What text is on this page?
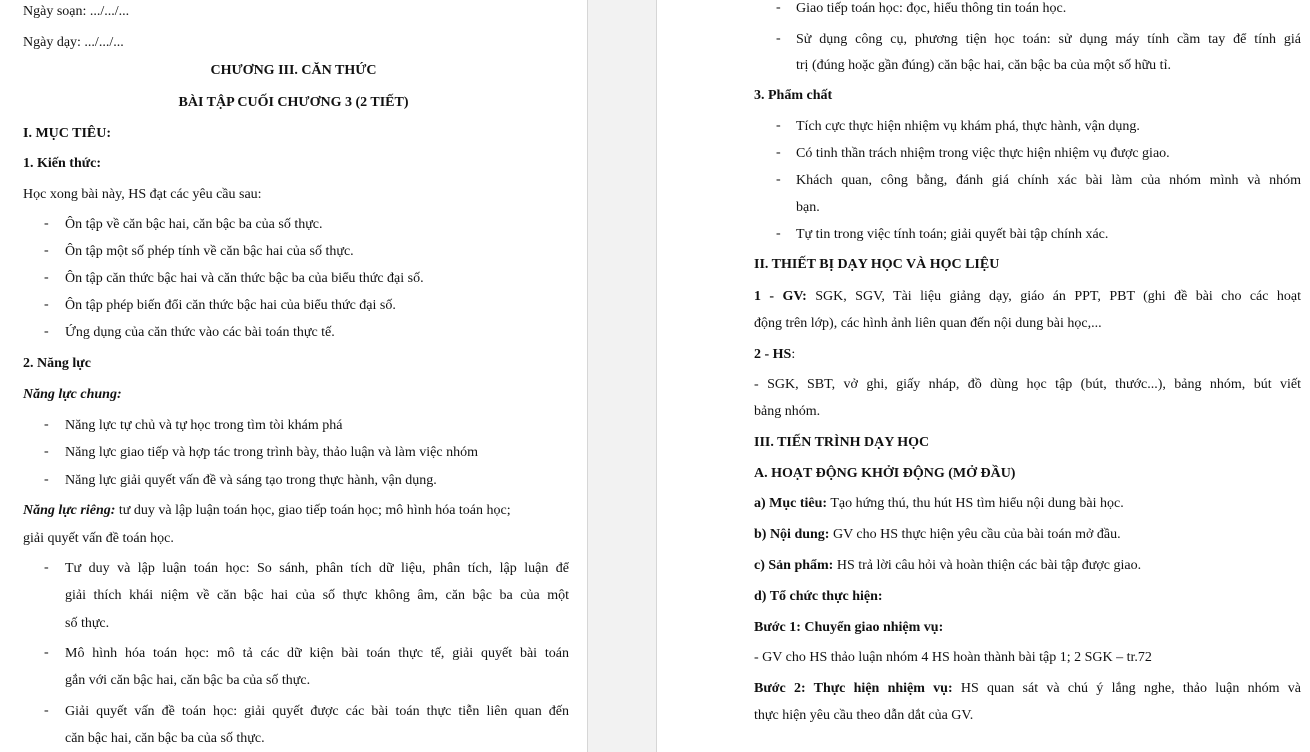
Ngày soạn: .../.../...
Ngày dạy: .../.../...
CHƯƠNG III. CĂN THỨC
BÀI TẬP CUỐI CHƯƠNG 3 (2 TIẾT)
I. MỤC TIÊU:
1. Kiến thức:
Học xong bài này, HS đạt các yêu cầu sau:
- Ôn tập về căn bậc hai, căn bậc ba của số thực.
- Ôn tập một số phép tính về căn bậc hai của số thực.
- Ôn tập căn thức bậc hai và căn thức bậc ba của biểu thức đại số.
- Ôn tập phép biến đổi căn thức bậc hai của biểu thức đại số.
- Ứng dụng của căn thức vào các bài toán thực tế.
2. Năng lực
Năng lực chung:
- Năng lực tự chủ và tự học trong tìm tòi khám phá
- Năng lực giao tiếp và hợp tác trong trình bày, thảo luận và làm việc nhóm
- Năng lực giải quyết vấn đề và sáng tạo trong thực hành, vận dụng.
Năng lực riêng: tư duy và lập luận toán học, giao tiếp toán học; mô hình hóa toán học;
giải quyết vấn đề toán học.
- Tư duy và lập luận toán học: So sánh, phân tích dữ liệu, phân tích, lập luận để
giải thích khái niệm về căn bậc hai của số thực không âm, căn bậc ba của một
số thực.
- Mô hình hóa toán học: mô tả các dữ kiện bài toán thực tế, giải quyết bài toán
gắn với căn bậc hai, căn bậc ba của số thực.
- Giải quyết vấn đề toán học: giải quyết được các bài toán thực tiễn liên quan đến
căn bậc hai, căn bậc ba của số thực.
- Giao tiếp toán học: đọc, hiểu thông tin toán học.
- Sử dụng công cụ, phương tiện học toán: sử dụng máy tính cầm tay để tính giá
trị (đúng hoặc gần đúng) căn bậc hai, căn bậc ba của một số hữu tỉ.
3. Phẩm chất
- Tích cực thực hiện nhiệm vụ khám phá, thực hành, vận dụng.
- Có tinh thần trách nhiệm trong việc thực hiện nhiệm vụ được giao.
- Khách quan, công bằng, đánh giá chính xác bài làm của nhóm mình và nhóm
bạn.
- Tự tin trong việc tính toán; giải quyết bài tập chính xác.
II. THIẾT BỊ DẠY HỌC VÀ HỌC LIỆU
1 - GV: SGK, SGV, Tài liệu giảng dạy, giáo án PPT, PBT (ghi đề bài cho các hoạt
động trên lớp), các hình ảnh liên quan đến nội dung bài học,...
2 - HS:
- SGK, SBT, vở ghi, giấy nháp, đồ dùng học tập (bút, thước...), bảng nhóm, bút viết
bảng nhóm.
III. TIẾN TRÌNH DẠY HỌC
A. HOẠT ĐỘNG KHỞI ĐỘNG (MỞ ĐẦU)
a) Mục tiêu: Tạo hứng thú, thu hút HS tìm hiểu nội dung bài học.
b) Nội dung: GV cho HS thực hiện yêu cầu của bài toán mở đầu.
c) Sản phẩm: HS trả lời câu hỏi và hoàn thiện các bài tập được giao.
d) Tổ chức thực hiện:
Bước 1: Chuyển giao nhiệm vụ:
- GV cho HS thảo luận nhóm 4 HS hoàn thành bài tập 1; 2 SGK – tr.72
Bước 2: Thực hiện nhiệm vụ: HS quan sát và chú ý lắng nghe, thảo luận nhóm và
thực hiện yêu cầu theo dẫn dắt của GV.
